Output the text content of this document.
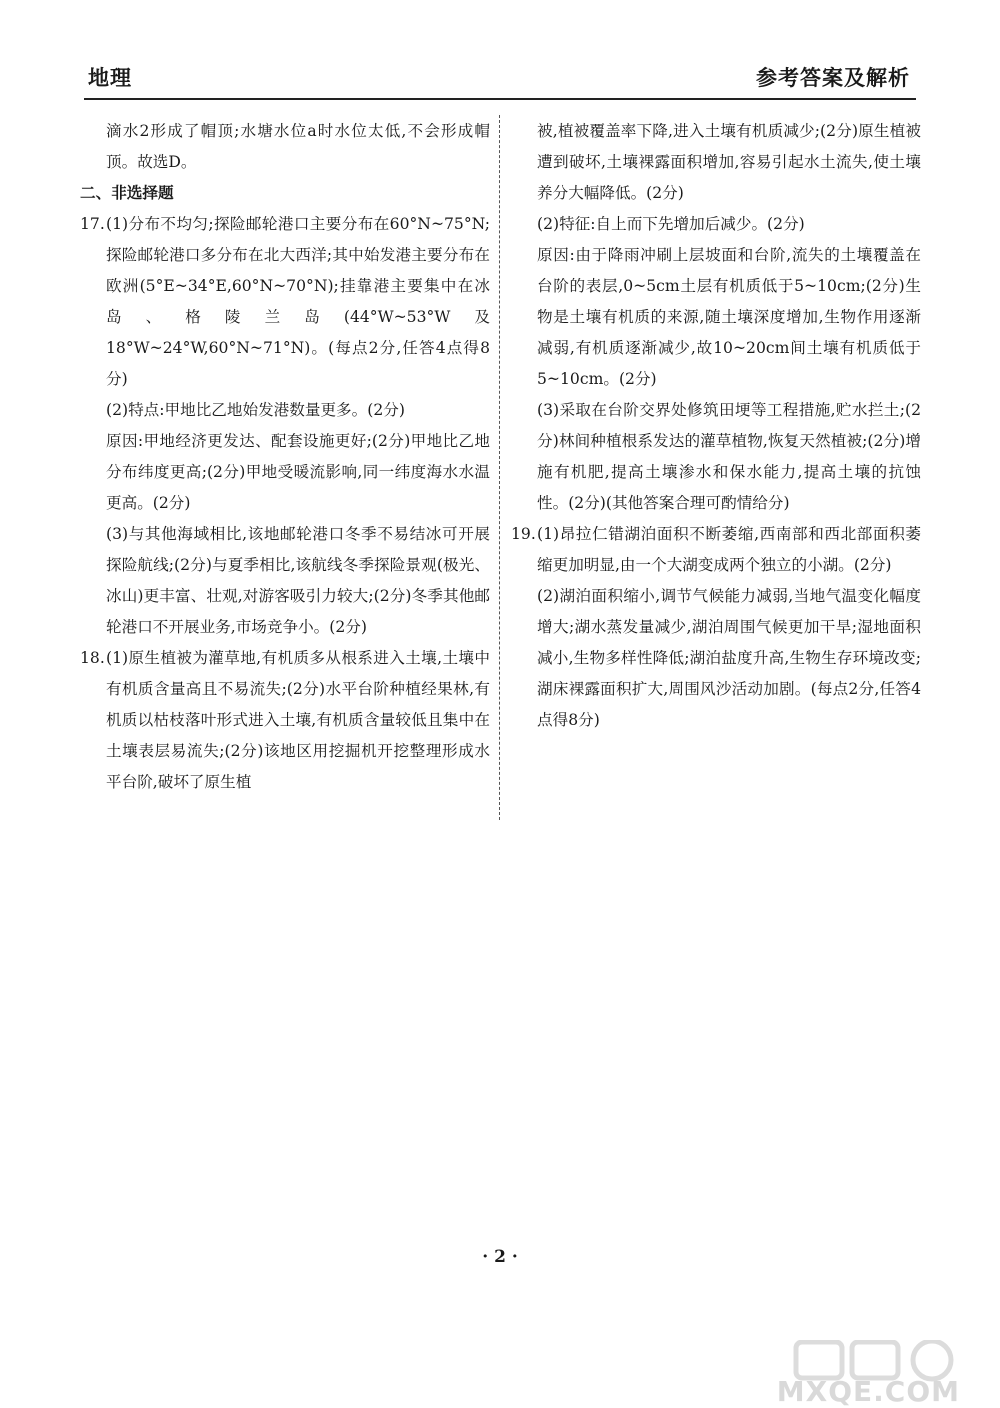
地理	参考答案及解析

滴水2形成了帽顶;水塘水位a时水位太低,不会形成帽顶。故选D。

二、非选择题

17. (1)分布不均匀;探险邮轮港口主要分布在60°N~75°N;探险邮轮港口多分布在北大西洋;其中始发港主要分布在欧洲(5°E~34°E,60°N~70°N);挂靠港主要集中在冰岛、格陵兰岛(44°W~53°W及18°W~24°W,60°N~71°N)。(每点2分,任答4点得8分)

(2)特点:甲地比乙地始发港数量更多。(2分)

原因:甲地经济更发达、配套设施更好;(2分)甲地比乙地分布纬度更高;(2分)甲地受暖流影响,同一纬度海水水温更高。(2分)

(3)与其他海域相比,该地邮轮港口冬季不易结冰可开展探险航线;(2分)与夏季相比,该航线冬季探险景观(极光、冰山)更丰富、壮观,对游客吸引力较大;(2分)冬季其他邮轮港口不开展业务,市场竞争小。(2分)

18. (1)原生植被为灌草地,有机质多从根系进入土壤,土壤中有机质含量高且不易流失;(2分)水平台阶种植经果林,有机质以枯枝落叶形式进入土壤,有机质含量较低且集中在土壤表层易流失;(2分)该地区用挖掘机开挖整理形成水平台阶,破坏了原生植

被,植被覆盖率下降,进入土壤有机质减少;(2分)原生植被遭到破坏,土壤裸露面积增加,容易引起水土流失,使土壤养分大幅降低。(2分)

(2)特征:自上而下先增加后减少。(2分)

原因:由于降雨冲刷上层坡面和台阶,流失的土壤覆盖在台阶的表层,0~5cm土层有机质低于5~10cm;(2分)生物是土壤有机质的来源,随土壤深度增加,生物作用逐渐减弱,有机质逐渐减少,故10~20cm间土壤有机质低于5~10cm。(2分)

(3)采取在台阶交界处修筑田埂等工程措施,贮水拦土;(2分)林间种植根系发达的灌草植物,恢复天然植被;(2分)增施有机肥,提高土壤渗水和保水能力,提高土壤的抗蚀性。(2分)(其他答案合理可酌情给分)

19. (1)昂拉仁错湖泊面积不断萎缩,西南部和西北部面积萎缩更加明显,由一个大湖变成两个独立的小湖。(2分)

(2)湖泊面积缩小,调节气候能力减弱,当地气温变化幅度增大;湖水蒸发量减少,湖泊周围气候更加干旱;湿地面积减小,生物多样性降低;湖泊盐度升高,生物生存环境改变;湖床裸露面积扩大,周围风沙活动加剧。(每点2分,任答4点得8分)

· 2 ·
MXQE.COM
